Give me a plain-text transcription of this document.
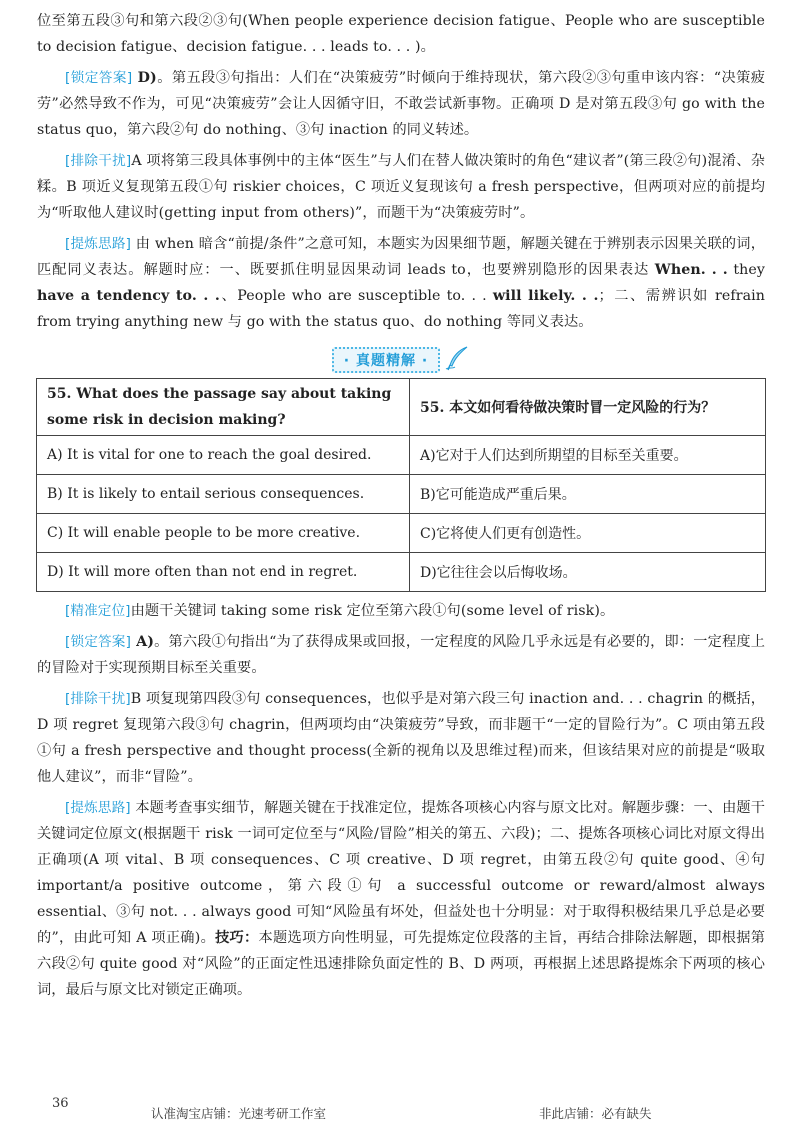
位至第五段③句和第六段②③句(When people experience decision fatigue、People who are susceptible to decision fatigue、decision fatigue. . . leads to. . . )。

[锁定答案] D)。第五段③句指出：人们在“决策疲劳”时倾向于维持现状，第六段②③句重申该内容：“决策疲劳”必然导致不作为，可见“决策疲劳”会让人因循守旧，不敢尝试新事物。正确项 D 是对第五段③句 go with the status quo，第六段②句 do nothing、③句 inaction 的同义转述。

[排除干扰]A 项将第三段具体事例中的主体“医生”与人们在替人做决策时的角色“建议者”(第三段②句)混淆、杂糅。B 项近义复现第五段①句 riskier choices，C 项近义复现该句 a fresh perspective，但两项对应的前提均为“听取他人建议时(getting input from others)”，而题干为“决策疲劳时”。

[提炼思路] 由 when 暗含“前提/条件”之意可知，本题实为因果细节题，解题关键在于辨别表示因果关联的词，匹配同义表达。解题时应：一、既要抓住明显因果动词 leads to，也要辨别隐形的因果表达 When. . . they have a tendency to. . .、People who are susceptible to. . . will likely. . .；二、需辨识如 refrain from trying anything new 与 go with the status quo、do nothing 等同义表达。

· 真题精解 ·
55. What does the passage say about taking some risk in decision making?	55. 本文如何看待做决策时冒一定风险的行为？
A) It is vital for one to reach the goal desired.	A)它对于人们达到所期望的目标至关重要。
B) It is likely to entail serious consequences.	B)它可能造成严重后果。
C) It will enable people to be more creative.	C)它将使人们更有创造性。
D) It will more often than not end in regret.	D)它往往会以后悔收场。

[精准定位]由题干关键词 taking some risk 定位至第六段①句(some level of risk)。

[锁定答案] A)。第六段①句指出“为了获得成果或回报，一定程度的风险几乎永远是有必要的，即：一定程度上的冒险对于实现预期目标至关重要。

[排除干扰]B 项复现第四段③句 consequences，也似乎是对第六段三句 inaction and. . . chagrin 的概括，D 项 regret 复现第六段③句 chagrin，但两项均由“决策疲劳”导致，而非题干“一定的冒险行为”。C 项由第五段①句 a fresh perspective and thought process(全新的视角以及思维过程)而来，但该结果对应的前提是“吸取他人建议”，而非“冒险”。

[提炼思路] 本题考查事实细节，解题关键在于找准定位，提炼各项核心内容与原文比对。解题步骤：一、由题干关键词定位原文(根据题干 risk 一词可定位至与“风险/冒险”相关的第五、六段)；二、提炼各项核心词比对原文得出正确项(A 项 vital、B 项 consequences、C 项 creative、D 项 regret，由第五段②句 quite good、④句 important/a positive outcome，第六段①句 a successful outcome or reward/almost always essential、③句 not. . . always good 可知“风险虽有坏处，但益处也十分明显：对于取得积极结果几乎总是必要的”，由此可知 A 项正确)。技巧：本题选项方向性明显，可先提炼定位段落的主旨，再结合排除法解题，即根据第六段②句 quite good 对“风险”的正面定性迅速排除负面定性的 B、D 两项，再根据上述思路提炼余下两项的核心词，最后与原文比对锁定正确项。

36
认准淘宝店铺：光速考研工作室	非此店铺：必有缺失
